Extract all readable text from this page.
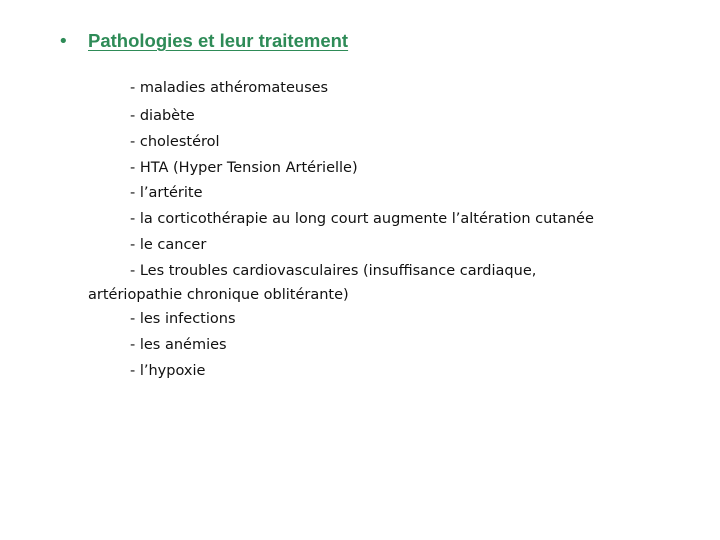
•	Pathologies et leur traitement
- maladies athéromateuses
- diabète
- cholestérol
- HTA (Hyper Tension Artérielle)
- l’artérite
- la corticothérapie au long court augmente l’altération cutanée
- le cancer
- Les troubles cardiovasculaires (insuffisance cardiaque,
artériopathie chronique oblitérante)
- les infections
- les anémies
- l’hypoxie
